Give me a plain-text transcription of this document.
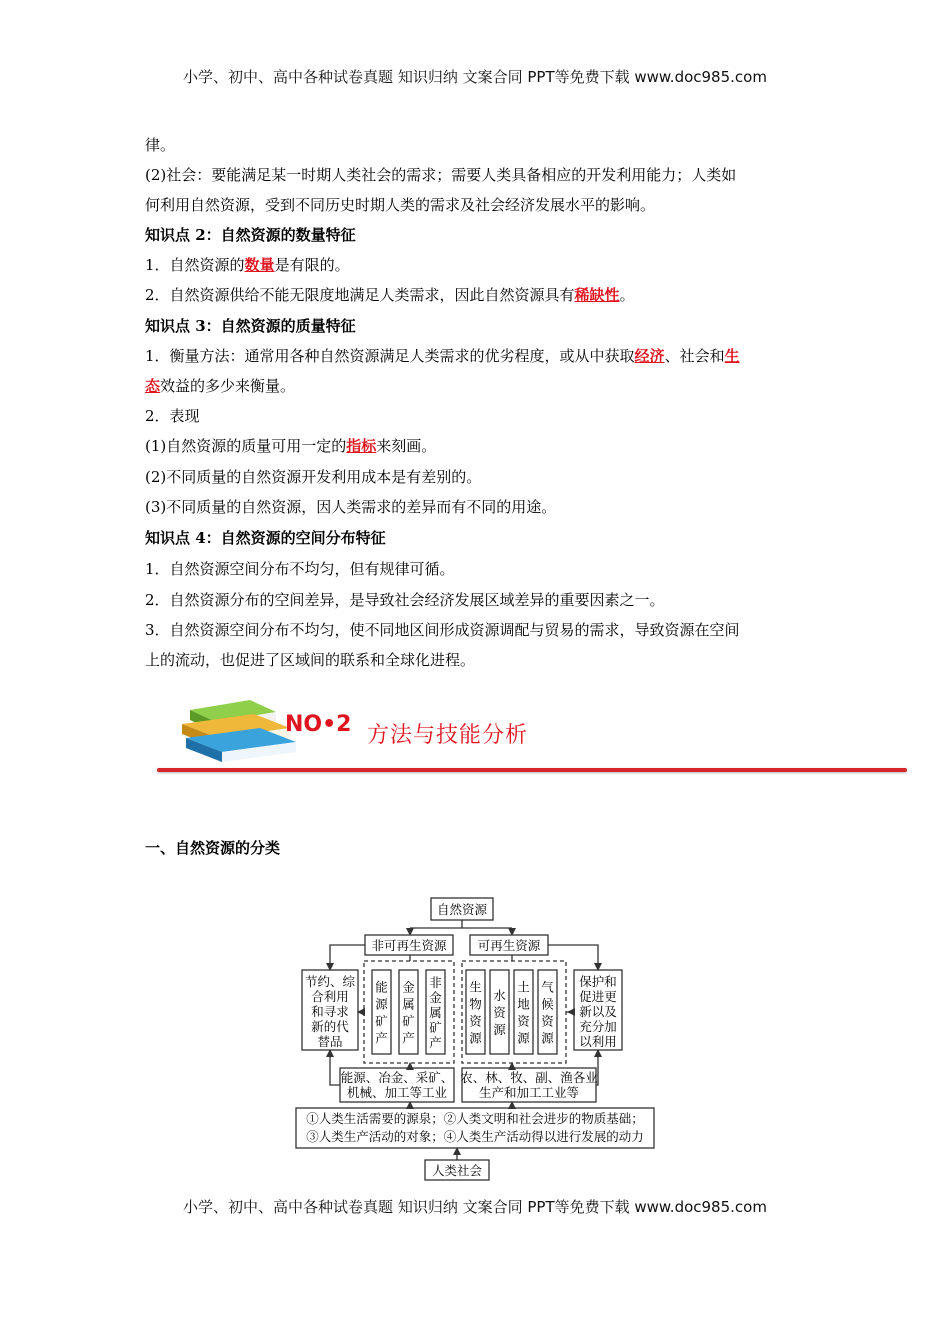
小学、初中、高中各种试卷真题 知识归纳 文案合同 PPT等免费下载 www.doc985.com
律。
(2)社会：要能满足某一时期人类社会的需求；需要人类具备相应的开发利用能力；人类如
何利用自然资源，受到不同历史时期人类的需求及社会经济发展水平的影响。
知识点 2：自然资源的数量特征
1．自然资源的数量是有限的。
2．自然资源供给不能无限度地满足人类需求，因此自然资源具有稀缺性。
知识点 3：自然资源的质量特征
1．衡量方法：通常用各种自然资源满足人类需求的优劣程度，或从中获取经济、社会和生
态效益的多少来衡量。
2．表现
(1)自然资源的质量可用一定的指标来刻画。
(2)不同质量的自然资源开发利用成本是有差别的。
(3)不同质量的自然资源，因人类需求的差异而有不同的用途。
知识点 4：自然资源的空间分布特征
1．自然资源空间分布不均匀，但有规律可循。
2．自然资源分布的空间差异，是导致社会经济发展区域差异的重要因素之一。
3．自然资源空间分布不均匀，使不同地区间形成资源调配与贸易的需求，导致资源在空间
上的流动，也促进了区域间的联系和全球化进程。
NO•2 方法与技能分析
一、自然资源的分类
自然资源
非可再生资源 可再生资源
节约、综
合利用
和寻求
新的代
替品
保护和
促进更
新以及
充分加
以利用
能
源
矿
产
金
属
矿
产
非
金
属
矿
产
生
物
资
源
水
资
源
土
地
资
源
气
候
资
源
能源、冶金、采矿、
机械、加工等工业
农、林、牧、副、渔各业
生产和加工工业等
①人类生活需要的源泉；②人类文明和社会进步的物质基础；
③人类生产活动的对象；④人类生产活动得以进行发展的动力
人类社会
小学、初中、高中各种试卷真题 知识归纳 文案合同 PPT等免费下载 www.doc985.com
